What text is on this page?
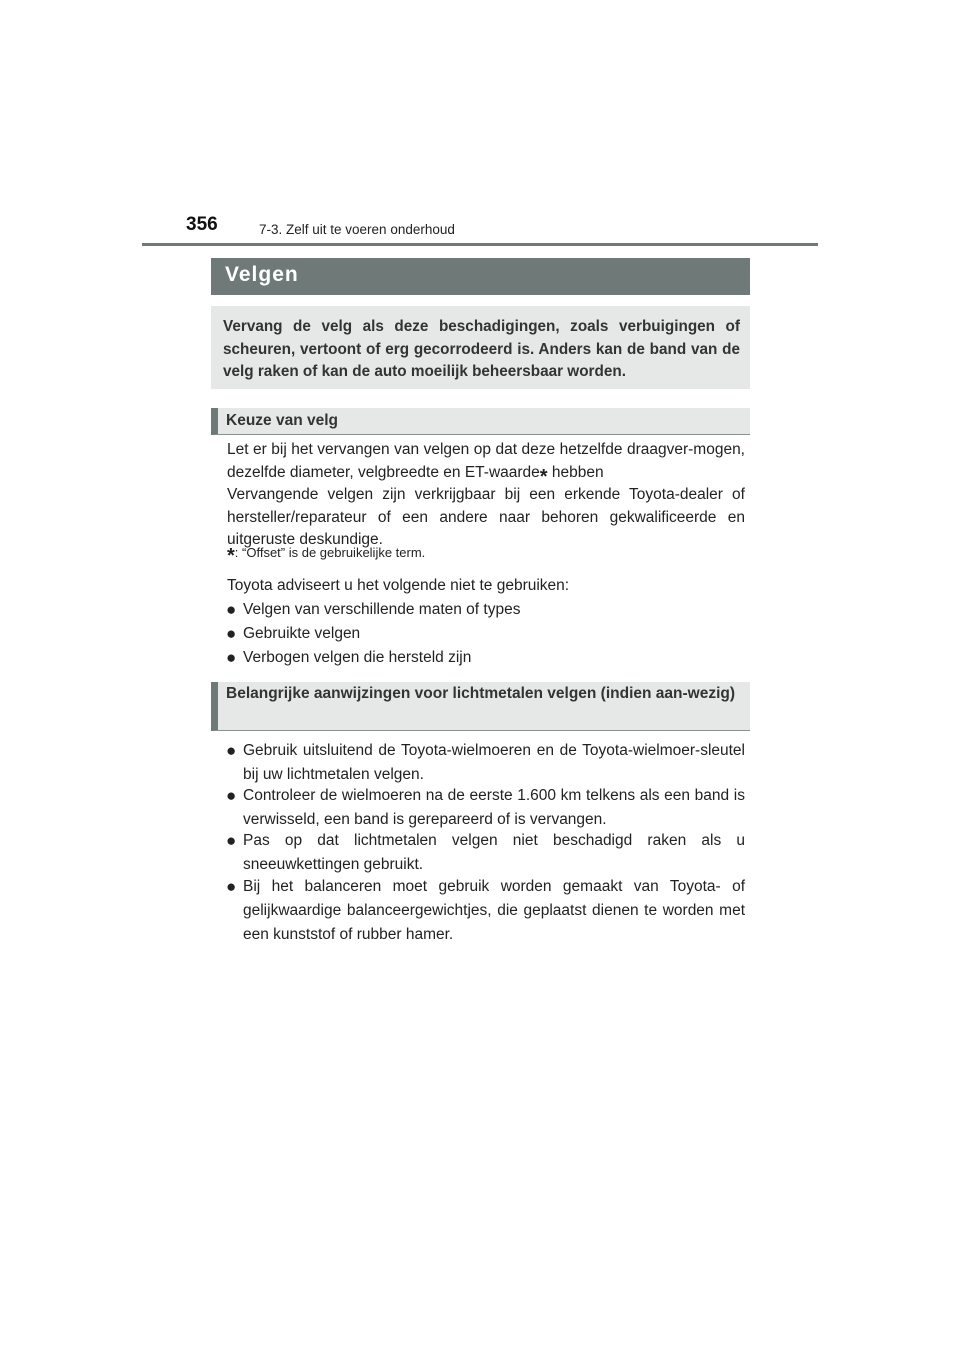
356	7-3. Zelf uit te voeren onderhoud
Velgen
Vervang de velg als deze beschadigingen, zoals verbuigingen of scheuren, vertoont of erg gecorrodeerd is. Anders kan de band van de velg raken of kan de auto moeilijk beheersbaar worden.
Keuze van velg
Let er bij het vervangen van velgen op dat deze hetzelfde draagver-mogen, dezelfde diameter, velgbreedte en ET-waarde* hebben
Vervangende velgen zijn verkrijgbaar bij een erkende Toyota-dealer of hersteller/reparateur of een andere naar behoren gekwalificeerde en uitgeruste deskundige.
*: “Offset” is de gebruikelijke term.
Toyota adviseert u het volgende niet te gebruiken:
● Velgen van verschillende maten of types
● Gebruikte velgen
● Verbogen velgen die hersteld zijn
Belangrijke aanwijzingen voor lichtmetalen velgen (indien aan-wezig)
● Gebruik uitsluitend de Toyota-wielmoeren en de Toyota-wielmoer-sleutel bij uw lichtmetalen velgen.
● Controleer de wielmoeren na de eerste 1.600 km telkens als een band is verwisseld, een band is gerepareerd of is vervangen.
● Pas op dat lichtmetalen velgen niet beschadigd raken als u sneeuwkettingen gebruikt.
● Bij het balanceren moet gebruik worden gemaakt van Toyota- of gelijkwaardige balanceergewichtjes, die geplaatst dienen te worden met een kunststof of rubber hamer.
